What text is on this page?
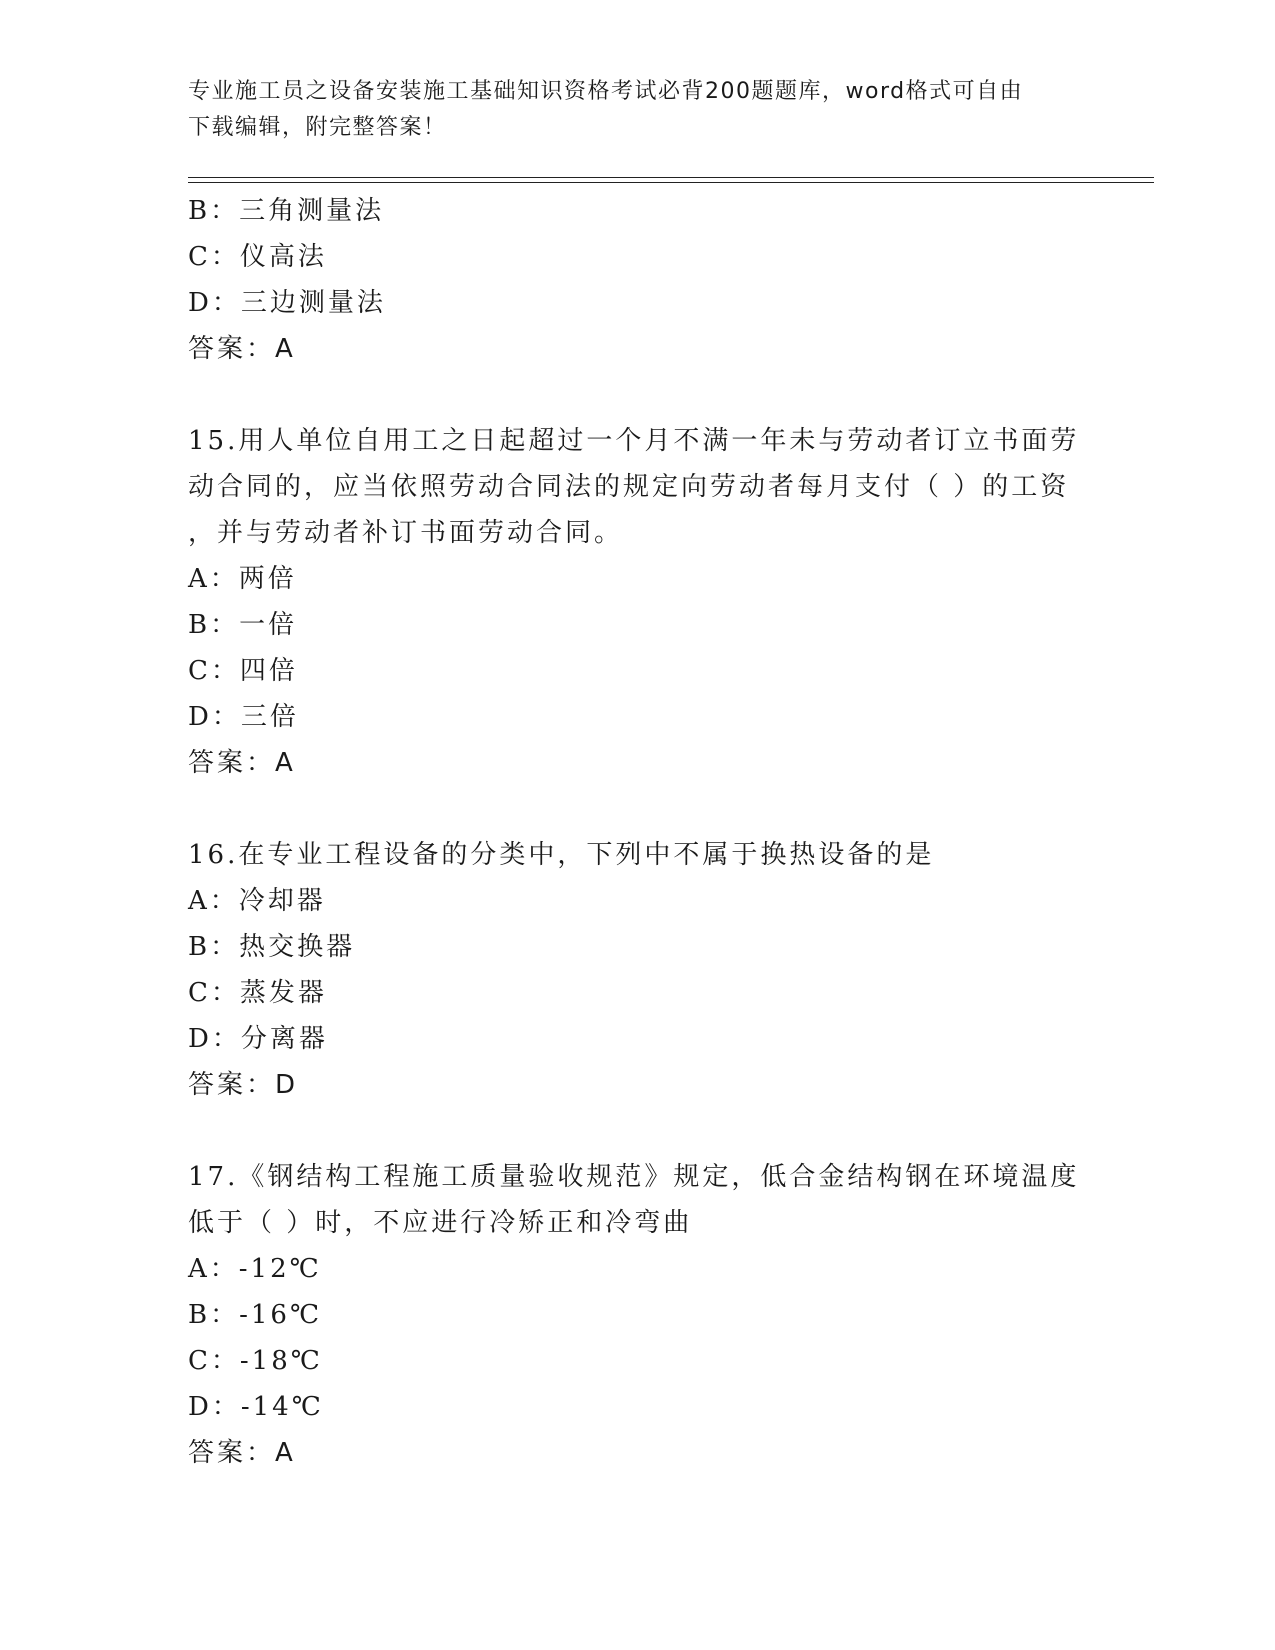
专业施工员之设备安装施工基础知识资格考试必背200题题库，word格式可自由
下载编辑，附完整答案！
B：三角测量法
C：仪高法
D：三边测量法
答案：A
15.用人单位自用工之日起超过一个月不满一年未与劳动者订立书面劳
动合同的，应当依照劳动合同法的规定向劳动者每月支付（ ）的工资
，并与劳动者补订书面劳动合同。
A：两倍
B：一倍
C：四倍
D：三倍
答案：A
16.在专业工程设备的分类中，下列中不属于换热设备的是
A：冷却器
B：热交换器
C：蒸发器
D：分离器
答案：D
17.《钢结构工程施工质量验收规范》规定，低合金结构钢在环境温度
低于（ ）时，不应进行冷矫正和冷弯曲
A：-12℃
B：-16℃
C：-18℃
D：-14℃
答案：A
